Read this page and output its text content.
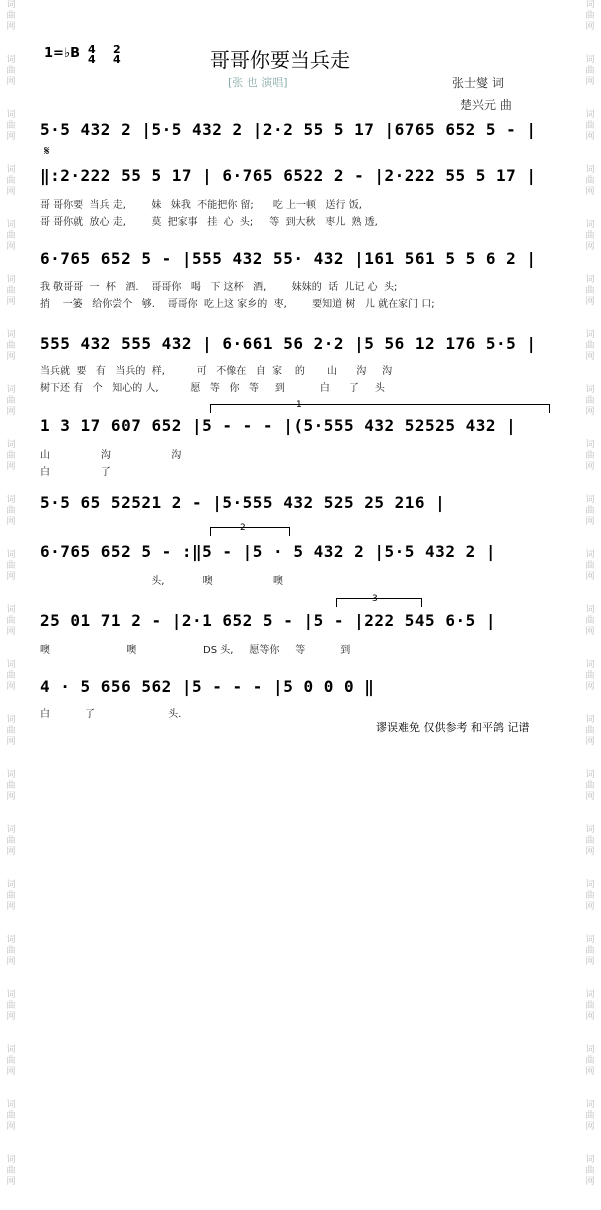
词
曲
网

词
曲
网

词
曲
网

词
曲
网

词
曲
网

词
曲
网

词
曲
网

词
曲
网

词
曲
网

词
曲
网

词
曲
网

词
曲
网

词
曲
网

词
曲
网

词
曲
网

词
曲
网

词
曲
网

词
曲
网

词
曲
网

词
曲
网

词
曲
网

词
曲
网

词
曲
网

词
曲
网

词
曲
网

词
曲
网

词
曲
网

词
曲
网

词
曲
网

词
曲
网

词
曲
网

词
曲
网

词
曲
网

词
曲
网

词
曲
网

词
曲
网

词
曲
网

词
曲
网

词
曲
网

词
曲
网

词
曲
网

词
曲
网

词
曲
网

词
曲
网

1=♭B 4
4
2
4	哥哥你要当兵走
[张 也 演唱]	张士燮 词
楚兴元 曲
𝄋
5·5 432 2 |5·5 432 2 |2·2 55 5 17 |6765 652 5 - |
‖:2·222 55 5 17 | 6·765 6522 2 - |2·222 55 5 17 |
哥 哥你要  当兵 走,        妹   妹我  不能把你 留;      吃 上一顿   送行 饭,
哥 哥你就  放心 走,        莫  把家事   挂  心  头;     等  到大秋   枣儿  熟 透,
6·765 652 5 - |555 432 55· 432 |161 561 5 5 6 2 |
我 敬哥哥  一  杯   酒.    哥哥你   喝   下 这杯   酒,        妹妹的  话  儿记 心  头;
捎    一篓   给你尝个   够.    哥哥你  吃上这 家乡的  枣,        要知道 树   儿 就在家门 口;
555 432 555 432 | 6·661 56 2·2 |5 56 12 176 5·5 |
当兵就  要   有   当兵的  样,          可   不像在   自  家    的       山      沟     沟
树下还 有   个   知心的 人,          愿   等   你   等     到           白      了     头
1
1 3 17 607 652 |5 - - - |(5·555 432 52525 432 |
山                沟                   沟
白                了
5·5 65 52521 2 - |5·555 432 525 25 216 |
2
6·765 652 5 - :‖5 - |5 · 5 432 2 |5·5 432 2 |
头,            噢                   噢
3
25 01 71 2 - |2·1 652 5 - |5 - |222 545 6·5 |
噢                        噢                     DS 头,     愿等你     等           到
4 · 5 656 562 |5 - - - |5 0 0 0 ‖
白           了                       头.
谬误难免 仅供参考 和平鸽 记谱
